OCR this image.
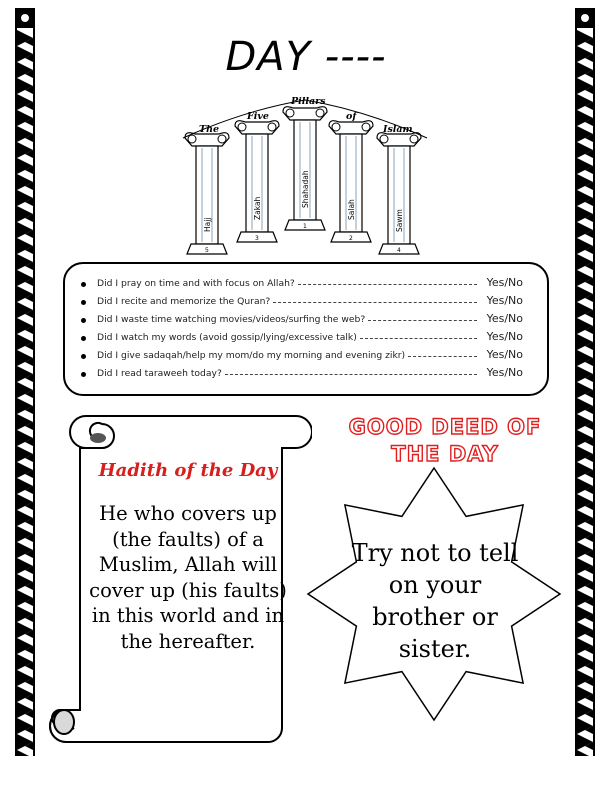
DAY ----
Hajj
5
Zakah
3
Shahadah
1
Salah
2
Sawm
4
The
Five
Pillars
of
Islam
Did I pray on time and with focus on Allah?	Yes/No
Did I recite and memorize the Quran?	Yes/No
Did I waste time watching movies/videos/surfing the web?	Yes/No
Did I watch my words (avoid gossip/lying/excessive talk)	Yes/No
Did I give sadaqah/help my mom/do my morning and evening zikr)	Yes/No
Did I read taraweeh today?	Yes/No
Hadith of the Day
He who covers up (the faults) of a Muslim, Allah will cover up (his faults) in this world and in the hereafter.
GOOD DEED OF THE DAY
Try not to tell on your brother or sister.
